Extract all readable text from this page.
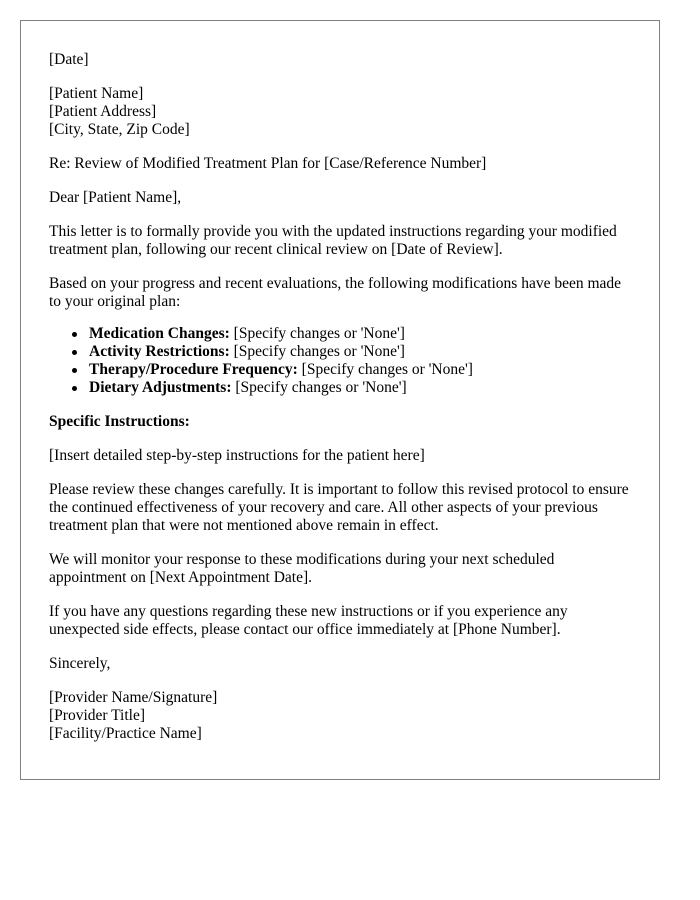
[Date]

[Patient Name]
[Patient Address]
[City, State, Zip Code]

Re: Review of Modified Treatment Plan for [Case/Reference Number]

Dear [Patient Name],

This letter is to formally provide you with the updated instructions regarding your modified treatment plan, following our recent clinical review on [Date of Review].

Based on your progress and recent evaluations, the following modifications have been made to your original plan:

Medication Changes: [Specify changes or 'None']
Activity Restrictions: [Specify changes or 'None']
Therapy/Procedure Frequency: [Specify changes or 'None']
Dietary Adjustments: [Specify changes or 'None']

Specific Instructions:

[Insert detailed step-by-step instructions for the patient here]

Please review these changes carefully. It is important to follow this revised protocol to ensure the continued effectiveness of your recovery and care. All other aspects of your previous treatment plan that were not mentioned above remain in effect.

We will monitor your response to these modifications during your next scheduled appointment on [Next Appointment Date].

If you have any questions regarding these new instructions or if you experience any unexpected side effects, please contact our office immediately at [Phone Number].

Sincerely,

[Provider Name/Signature]
[Provider Title]
[Facility/Practice Name]
